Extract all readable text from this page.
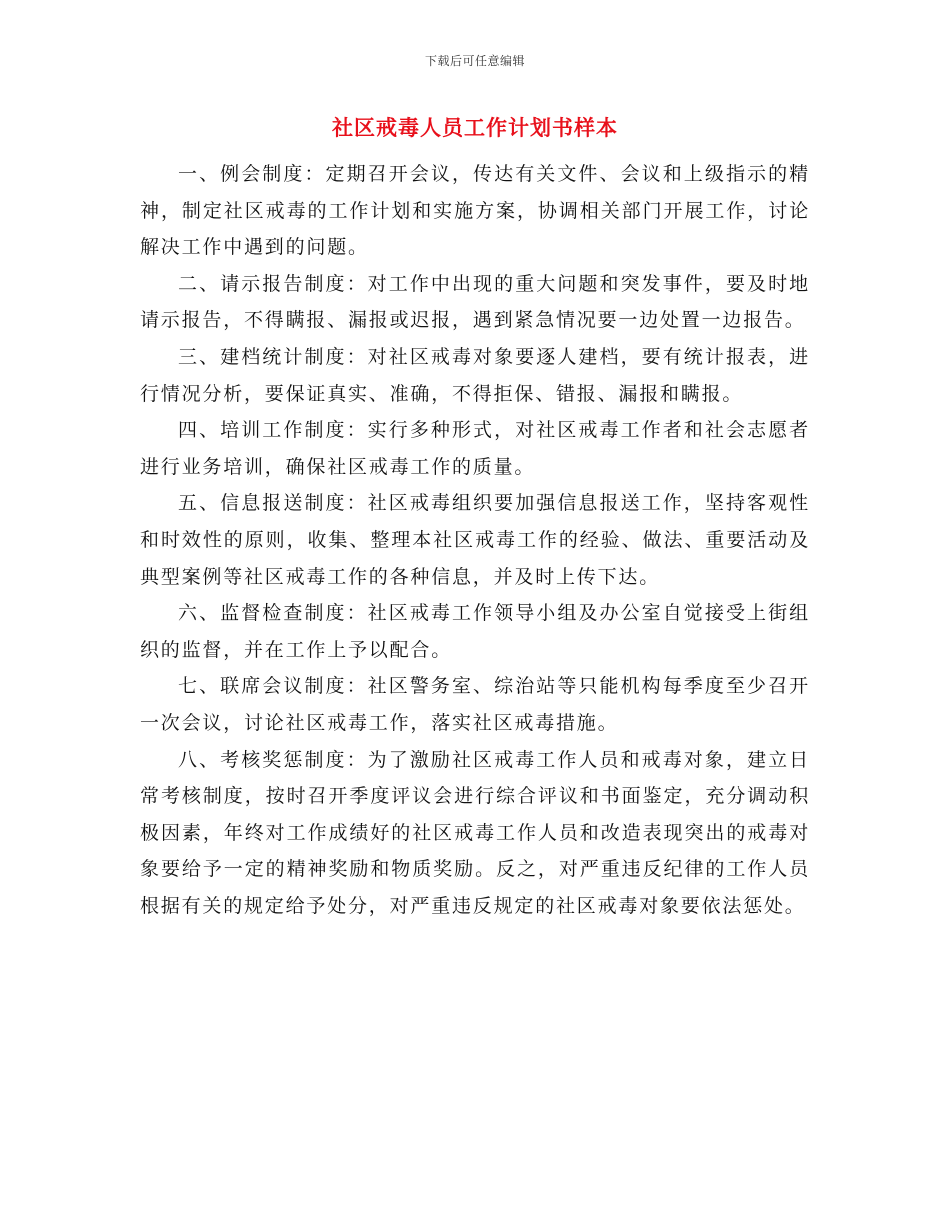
下载后可任意编辑
社区戒毒人员工作计划书样本

一、例会制度：定期召开会议，传达有关文件、会议和上级指示的精神，制定社区戒毒的工作计划和实施方案，协调相关部门开展工作，讨论解决工作中遇到的问题。

二、请示报告制度：对工作中出现的重大问题和突发事件，要及时地请示报告，不得瞒报、漏报或迟报，遇到紧急情况要一边处置一边报告。

三、建档统计制度：对社区戒毒对象要逐人建档，要有统计报表，进行情况分析，要保证真实、准确，不得拒保、错报、漏报和瞒报。

四、培训工作制度：实行多种形式，对社区戒毒工作者和社会志愿者进行业务培训，确保社区戒毒工作的质量。

五、信息报送制度：社区戒毒组织要加强信息报送工作，坚持客观性和时效性的原则，收集、整理本社区戒毒工作的经验、做法、重要活动及典型案例等社区戒毒工作的各种信息，并及时上传下达。

六、监督检查制度：社区戒毒工作领导小组及办公室自觉接受上街组织的监督，并在工作上予以配合。

七、联席会议制度：社区警务室、综治站等只能机构每季度至少召开一次会议，讨论社区戒毒工作，落实社区戒毒措施。

八、考核奖惩制度：为了激励社区戒毒工作人员和戒毒对象，建立日常考核制度，按时召开季度评议会进行综合评议和书面鉴定，充分调动积极因素，年终对工作成绩好的社区戒毒工作人员和改造表现突出的戒毒对象要给予一定的精神奖励和物质奖励。反之，对严重违反纪律的工作人员根据有关的规定给予处分，对严重违反规定的社区戒毒对象要依法惩处。
